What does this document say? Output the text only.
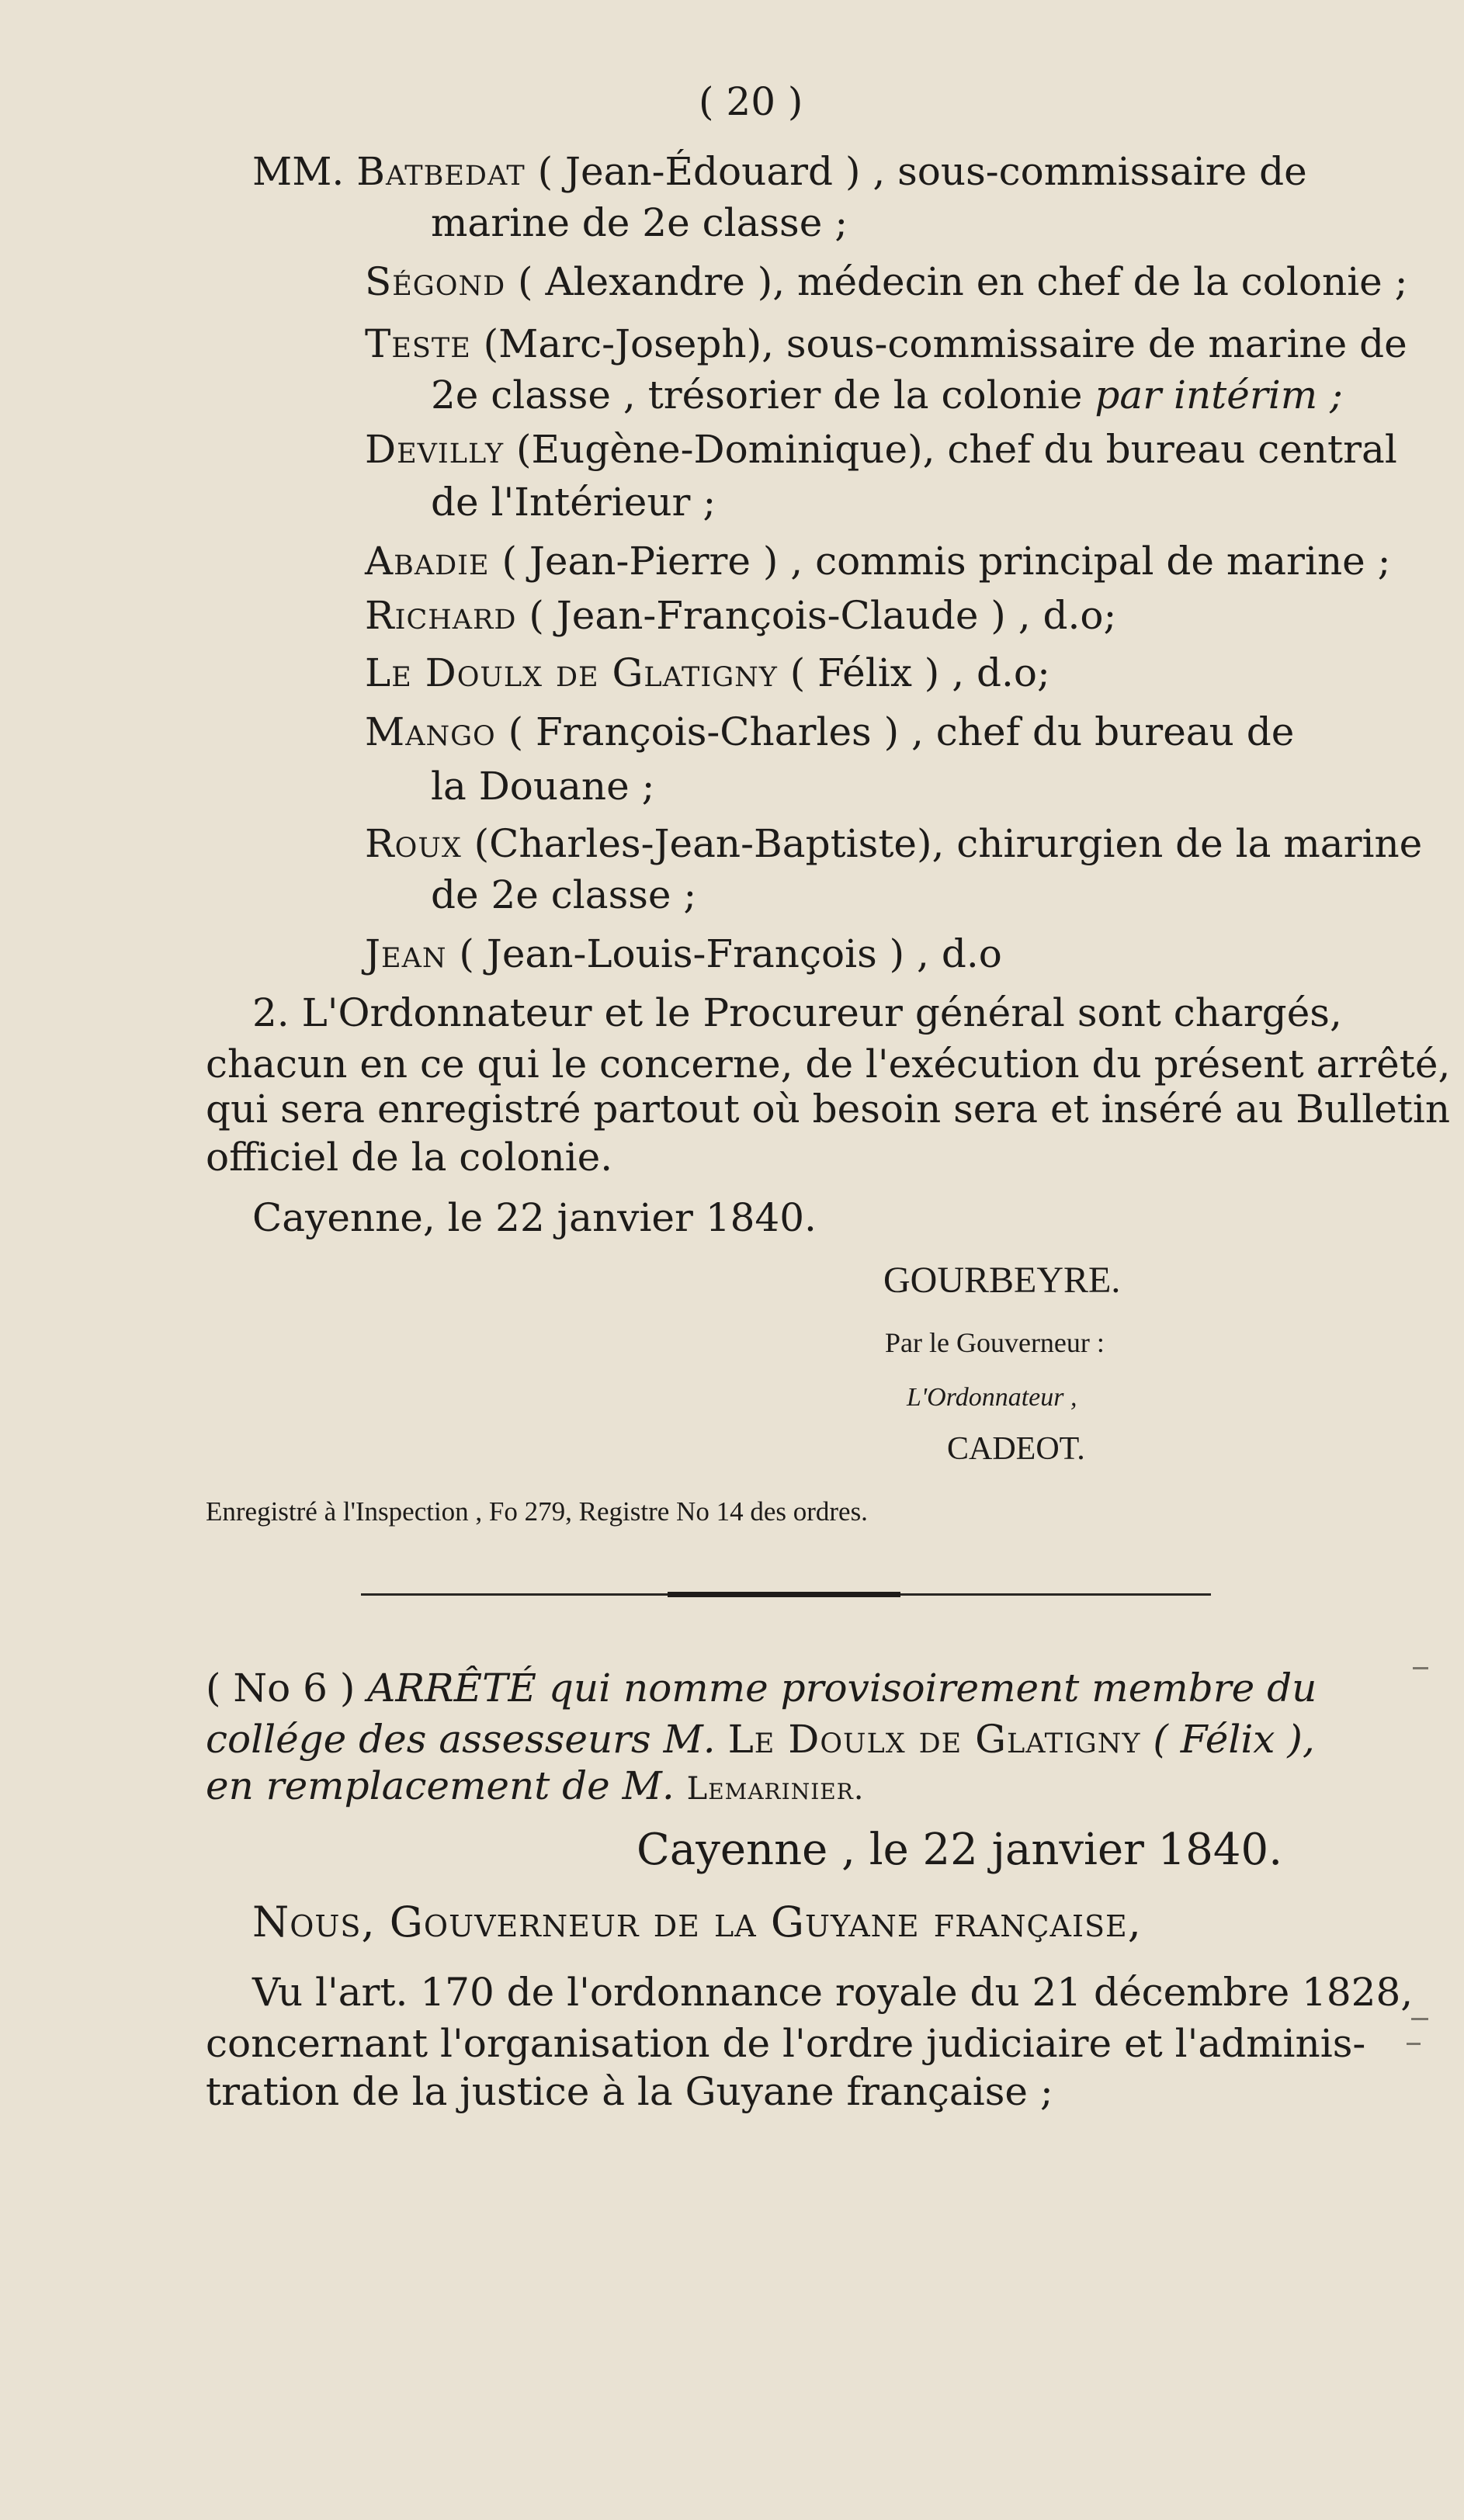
( 20 )
MM. Batbedat ( Jean-Édouard ) , sous-commissaire de
marine de 2e classe ;
Ségond ( Alexandre ), médecin en chef de la colonie ;
Teste (Marc-Joseph), sous-commissaire de marine de
2e classe , trésorier de la colonie par intérim ;
Devilly (Eugène-Dominique), chef du bureau central
de l'Intérieur ;
Abadie ( Jean-Pierre ) , commis principal de marine ;
Richard ( Jean-François-Claude ) , d.o;
Le Doulx de Glatigny ( Félix ) , d.o;
Mango ( François-Charles ) , chef du bureau de
la Douane ;
Roux (Charles-Jean-Baptiste), chirurgien de la marine
de 2e classe ;
Jean ( Jean-Louis-François ) , d.o
2. L'Ordonnateur et le Procureur général sont chargés,
chacun en ce qui le concerne, de l'exécution du présent arrêté,
qui sera enregistré partout où besoin sera et inséré au Bulletin
officiel de la colonie.
Cayenne, le 22 janvier 1840.
GOURBEYRE.
Par le Gouverneur :
L'Ordonnateur ,
CADEOT.
Enregistré à l'Inspection , Fo 279, Registre No 14 des ordres.
( No 6 ) ARRÊTÉ qui nomme provisoirement membre du
collége des assesseurs M. Le Doulx de Glatigny ( Félix ),
en remplacement de M. Lemarinier.
Cayenne , le 22 janvier 1840.
Nous, Gouverneur de la Guyane française,
Vu l'art. 170 de l'ordonnance royale du 21 décembre 1828,
concernant l'organisation de l'ordre judiciaire et l'adminis-
tration de la justice à la Guyane française ;
